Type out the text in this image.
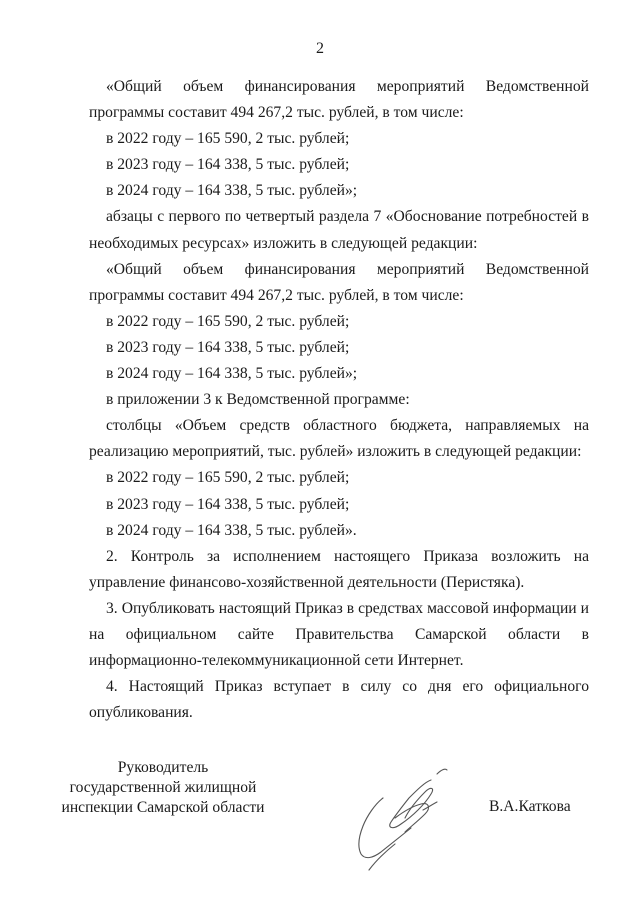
2

«Общий объем финансирования мероприятий Ведомственной программы составит 494 267,2 тыс. рублей, в том числе:

в 2022 году – 165 590, 2 тыс. рублей;

в 2023 году – 164 338, 5 тыс. рублей;

в 2024 году – 164 338, 5 тыс. рублей»;

абзацы с первого по четвертый раздела 7 «Обоснование потребностей в необходимых ресурсах» изложить в следующей редакции:

«Общий объем финансирования мероприятий Ведомственной программы составит 494 267,2 тыс. рублей, в том числе:

в 2022 году – 165 590, 2 тыс. рублей;

в 2023 году – 164 338, 5 тыс. рублей;

в 2024 году – 164 338, 5 тыс. рублей»;

в приложении 3 к Ведомственной программе:

столбцы «Объем средств областного бюджета, направляемых на реализацию мероприятий, тыс. рублей» изложить в следующей редакции:

в 2022 году – 165 590, 2 тыс. рублей;

в 2023 году – 164 338, 5 тыс. рублей;

в 2024 году – 164 338, 5 тыс. рублей».

2. Контроль за исполнением настоящего Приказа возложить на управление финансово-хозяйственной деятельности (Перистяка).

3. Опубликовать настоящий Приказ в средствах массовой информации и на официальном сайте Правительства Самарской области в информационно-телекоммуникационной сети Интернет.

4. Настоящий Приказ вступает в силу со дня его официального опубликования.

Руководитель
государственной жилищной
инспекции Самарской области	В.А.Каткова
